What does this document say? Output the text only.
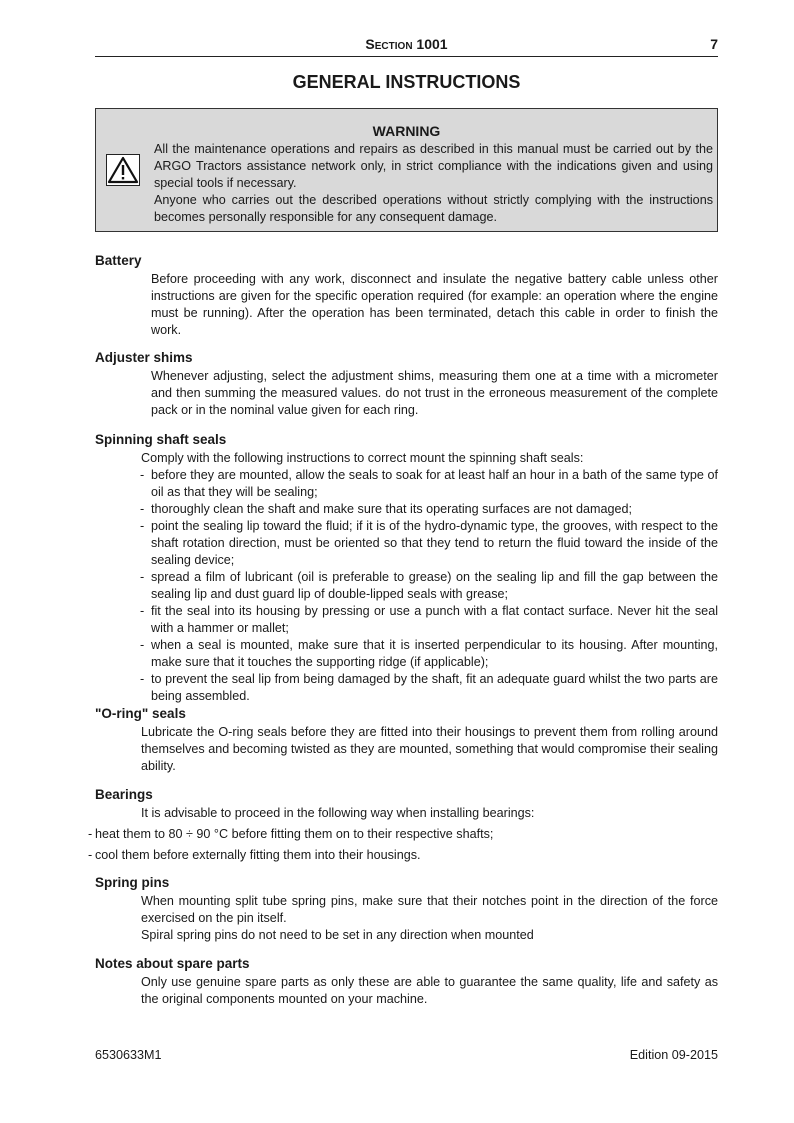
Section 1001	7
GENERAL INSTRUCTIONS
WARNING

All the maintenance operations and repairs as described in this manual must be carried out by the ARGO Tractors assistance network only, in strict compliance with the indications given and using special tools if necessary.

Anyone who carries out the described operations without strictly complying with the instructions becomes personally responsible for any consequent damage.

Battery
Before proceeding with any work, disconnect and insulate the negative battery cable unless other instructions are given for the specific operation required (for example: an operation where the engine must be running). After the operation has been terminated, detach this cable in order to finish the work.
Adjuster shims
Whenever adjusting, select the adjustment shims, measuring them one at a time with a micrometer and then summing the measured values. do not trust in the erroneous measurement of the complete pack or in the nominal value given for each ring.
Spinning shaft seals
Comply with the following instructions to correct mount the spinning shaft seals:
- before they are mounted, allow the seals to soak for at least half an hour in a bath of the same type of oil as that they will be sealing;
- thoroughly clean the shaft and make sure that its operating surfaces are not damaged;
- point the sealing lip toward the fluid; if it is of the hydro-dynamic type, the grooves, with respect to the shaft rotation direction, must be oriented so that they tend to return the fluid toward the inside of the sealing device;
- spread a film of lubricant (oil is preferable to grease) on the sealing lip and fill the gap between the sealing lip and dust guard lip of double-lipped seals with grease;
- fit the seal into its housing by pressing or use a punch with a flat contact surface. Never hit the seal with a hammer or mallet;
- when a seal is mounted, make sure that it is inserted perpendicular to its housing. After mounting, make sure that it touches the supporting ridge (if applicable);
- to prevent the seal lip from being damaged by the shaft, fit an adequate guard whilst the two parts are being assembled.
"O-ring" seals
Lubricate the O-ring seals before they are fitted into their housings to prevent them from rolling around themselves and becoming twisted as they are mounted, something that would compromise their sealing ability.
Bearings
It is advisable to proceed in the following way when installing bearings:
- heat them to 80 ÷ 90 °C before fitting them on to their respective shafts;
- cool them before externally fitting them into their housings.
Spring pins

When mounting split tube spring pins, make sure that their notches point in the direction of the force exercised on the pin itself.

Spiral spring pins do not need to be set in any direction when mounted

Notes about spare parts
Only use genuine spare parts as only these are able to guarantee the same quality, life and safety as the original components mounted on your machine.
6530633M1	Edition 09-2015
